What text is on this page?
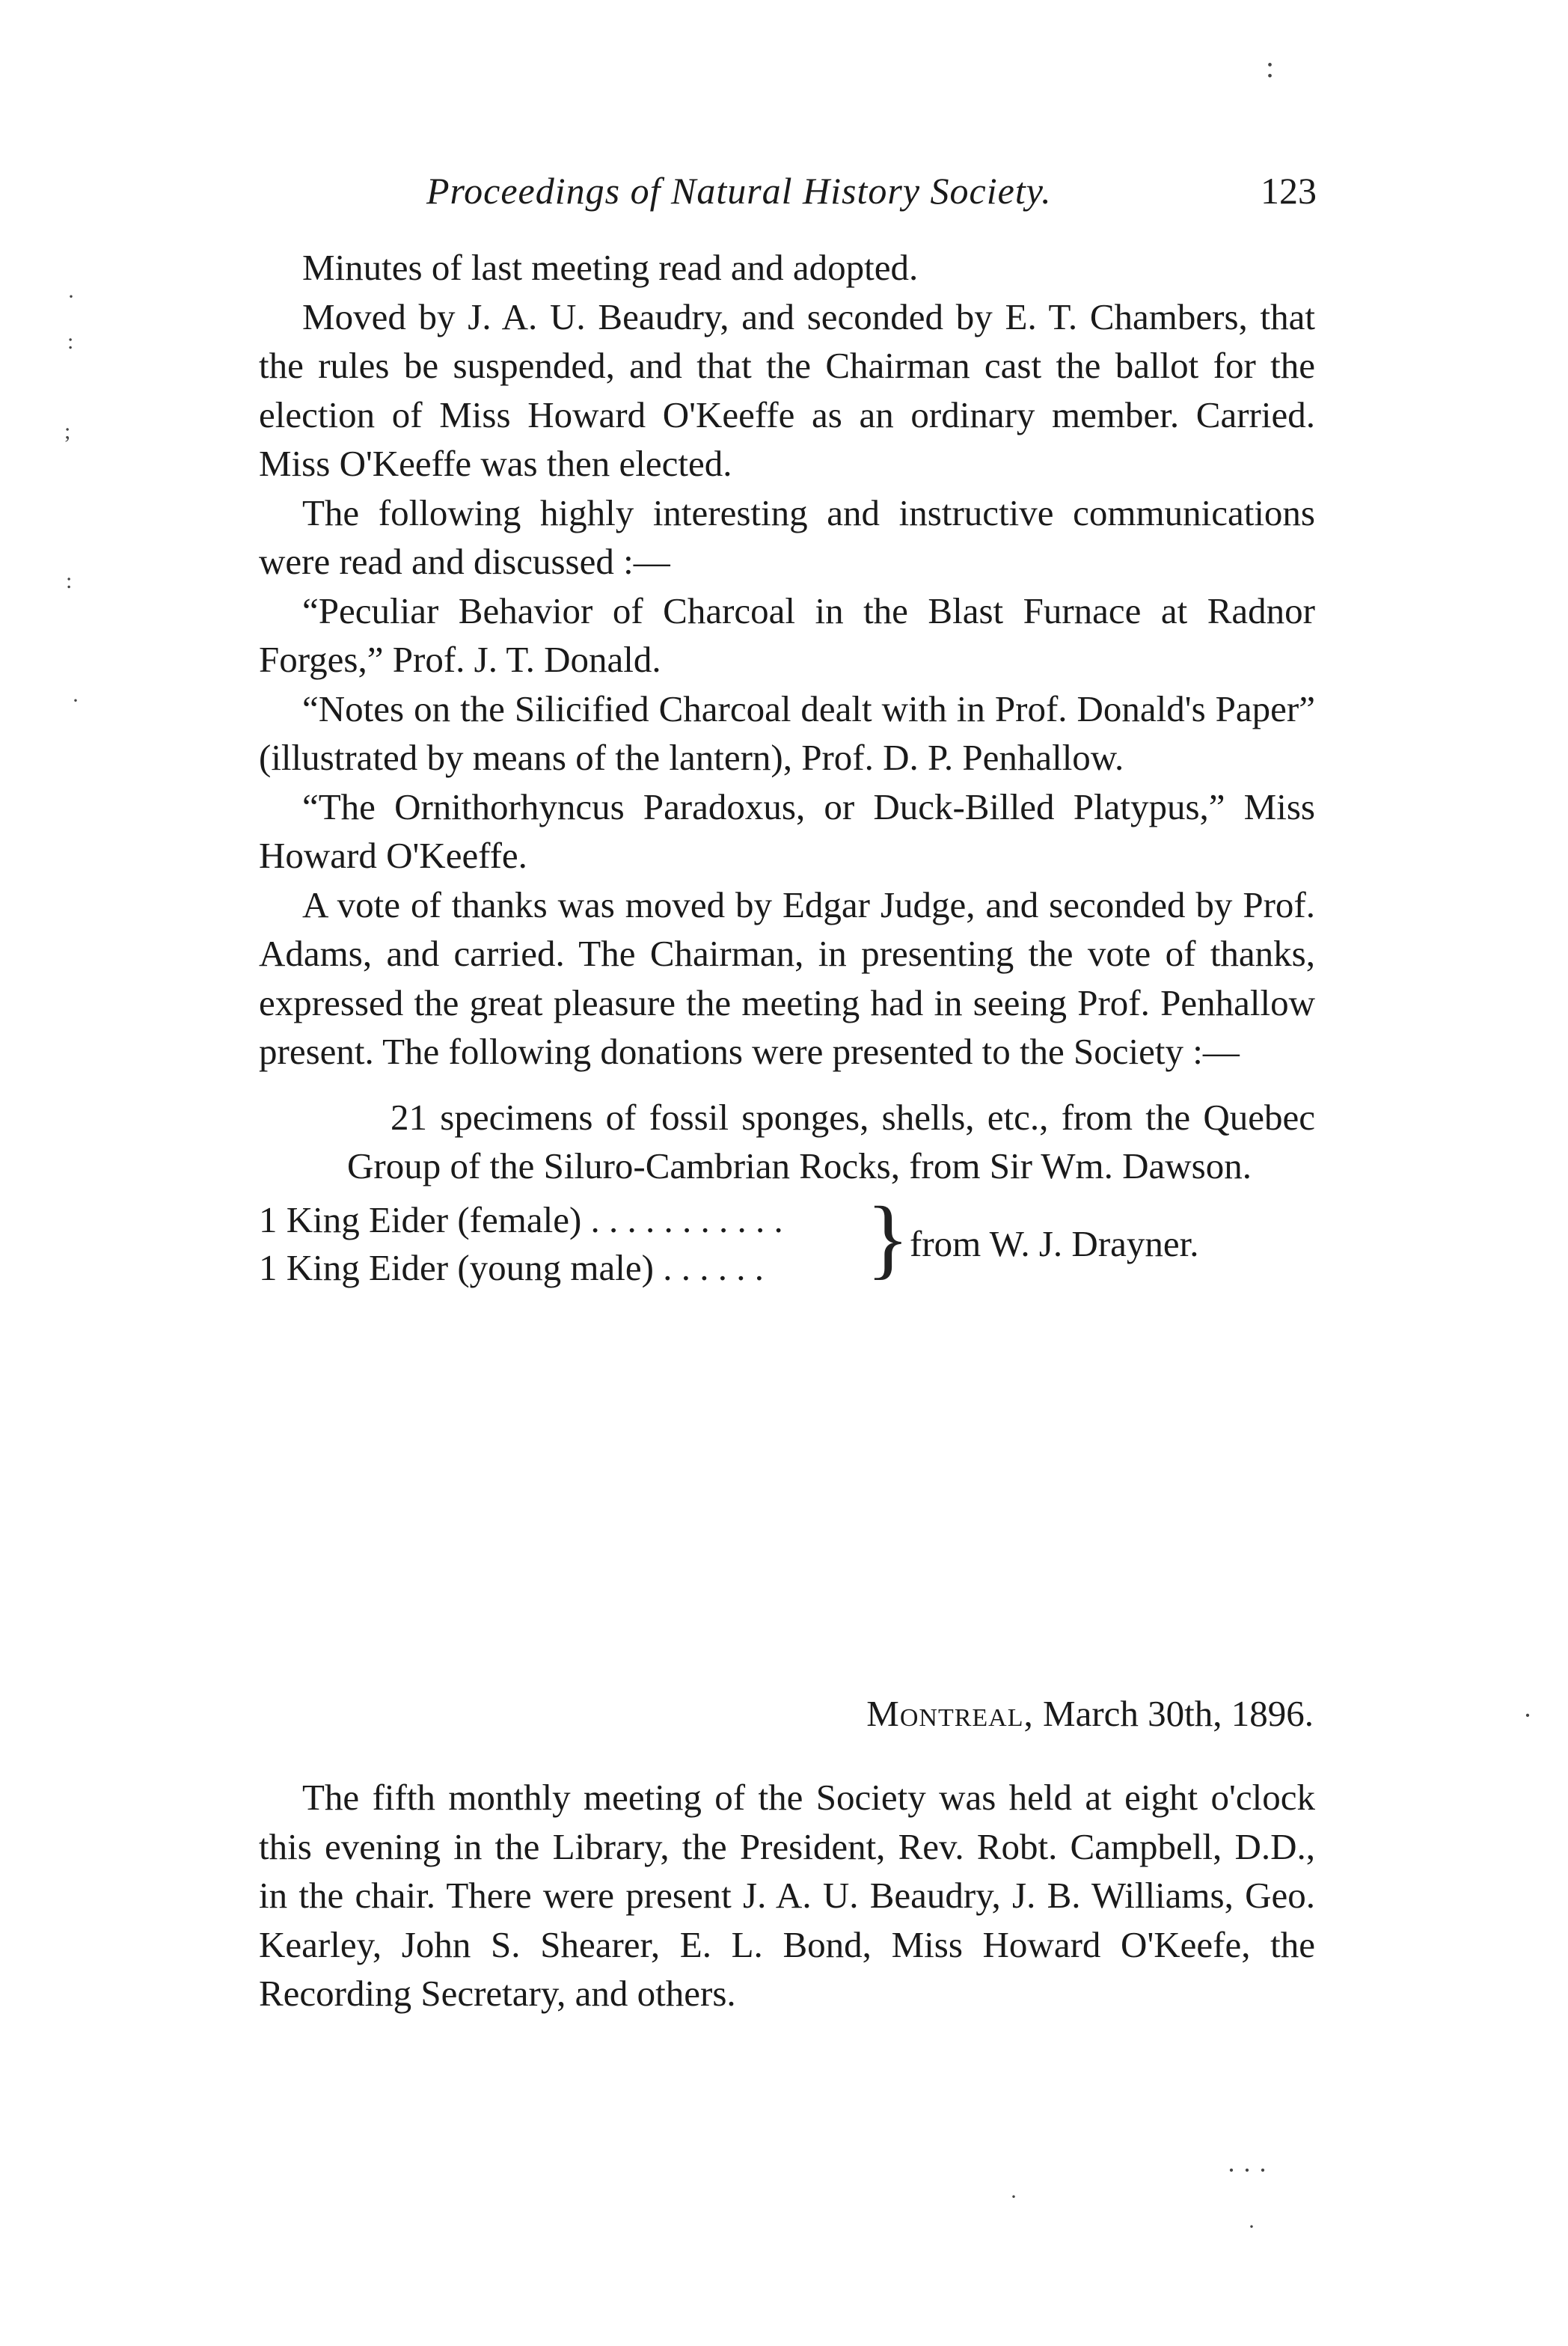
Proceedings of Natural History Society.	123

Minutes of last meeting read and adopted.

Moved by J. A. U. Beaudry, and seconded by E. T. Chambers, that the rules be suspended, and that the Chairman cast the ballot for the election of Miss Howard O'Keeffe as an ordinary member. Carried. Miss O'Keeffe was then elected.

The following highly interesting and instructive communications were read and discussed :—

“Peculiar Behavior of Charcoal in the Blast Furnace at Radnor Forges,” Prof. J. T. Donald.

“Notes on the Silicified Charcoal dealt with in Prof. Donald's Paper” (illustrated by means of the lantern), Prof. D. P. Penhallow.

“The Ornithorhyncus Paradoxus, or Duck-Billed Platypus,” Miss Howard O'Keeffe.

A vote of thanks was moved by Edgar Judge, and seconded by Prof. Adams, and carried. The Chairman, in presenting the vote of thanks, expressed the great pleasure the meeting had in seeing Prof. Penhallow present. The following donations were presented to the Society :—

21 specimens of fossil sponges, shells, etc., from the Quebec Group of the Siluro-Cambrian Rocks, from Sir Wm. Dawson.

1 King Eider (female) . . . . . . . . . . .
1 King Eider (young male) . . . . . . } from W. J. Drayner.
Montreal, March 30th, 1896.

The fifth monthly meeting of the Society was held at eight o'clock this evening in the Library, the President, Rev. Robt. Campbell, D.D., in the chair. There were present J. A. U. Beaudry, J. B. Williams, Geo. Kearley, John S. Shearer, E. L. Bond, Miss Howard O'Keefe, the Recording Secretary, and others.

:
·
:
;
:
·
·
· · ·
·
·
